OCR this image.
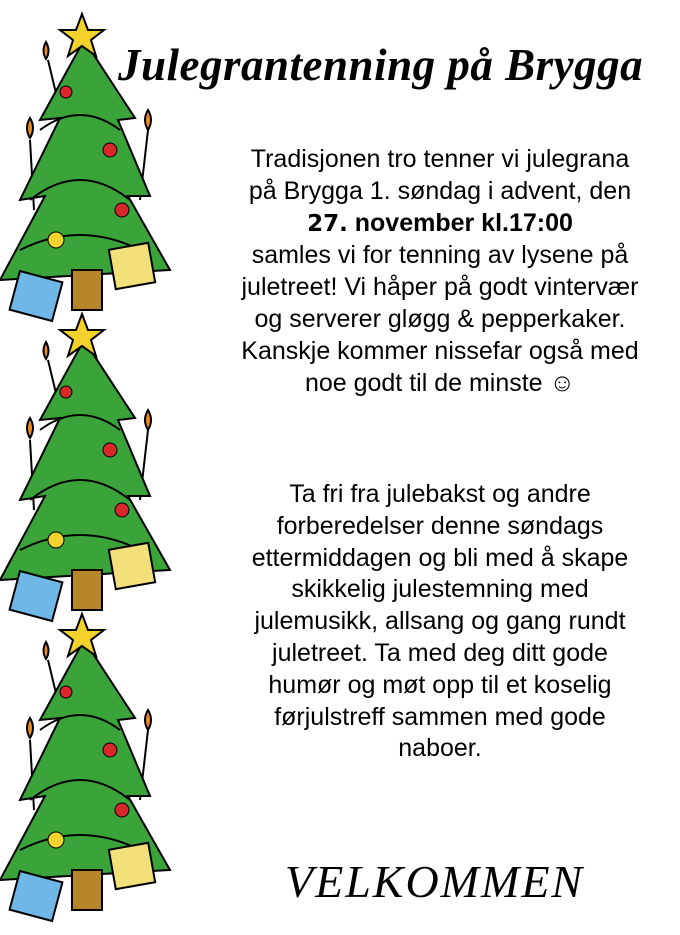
Julegrantenning på Brygga
Tradisjonen tro tenner vi julegrana
på Brygga 1. søndag i advent, den
27. november kl.17:00
samles vi for tenning av lysene på
juletreet! Vi håper på godt vintervær
og serverer gløgg & pepperkaker.
Kanskje kommer nissefar også med
noe godt til de minste ☺
Ta fri fra julebakst og andre
forberedelser denne søndags
ettermiddagen og bli med å skape
skikkelig julestemning med
julemusikk, allsang og gang rundt
juletreet. Ta med deg ditt gode
humør og møt opp til et koselig
førjulstreff sammen med gode
naboer.
VELKOMMEN
